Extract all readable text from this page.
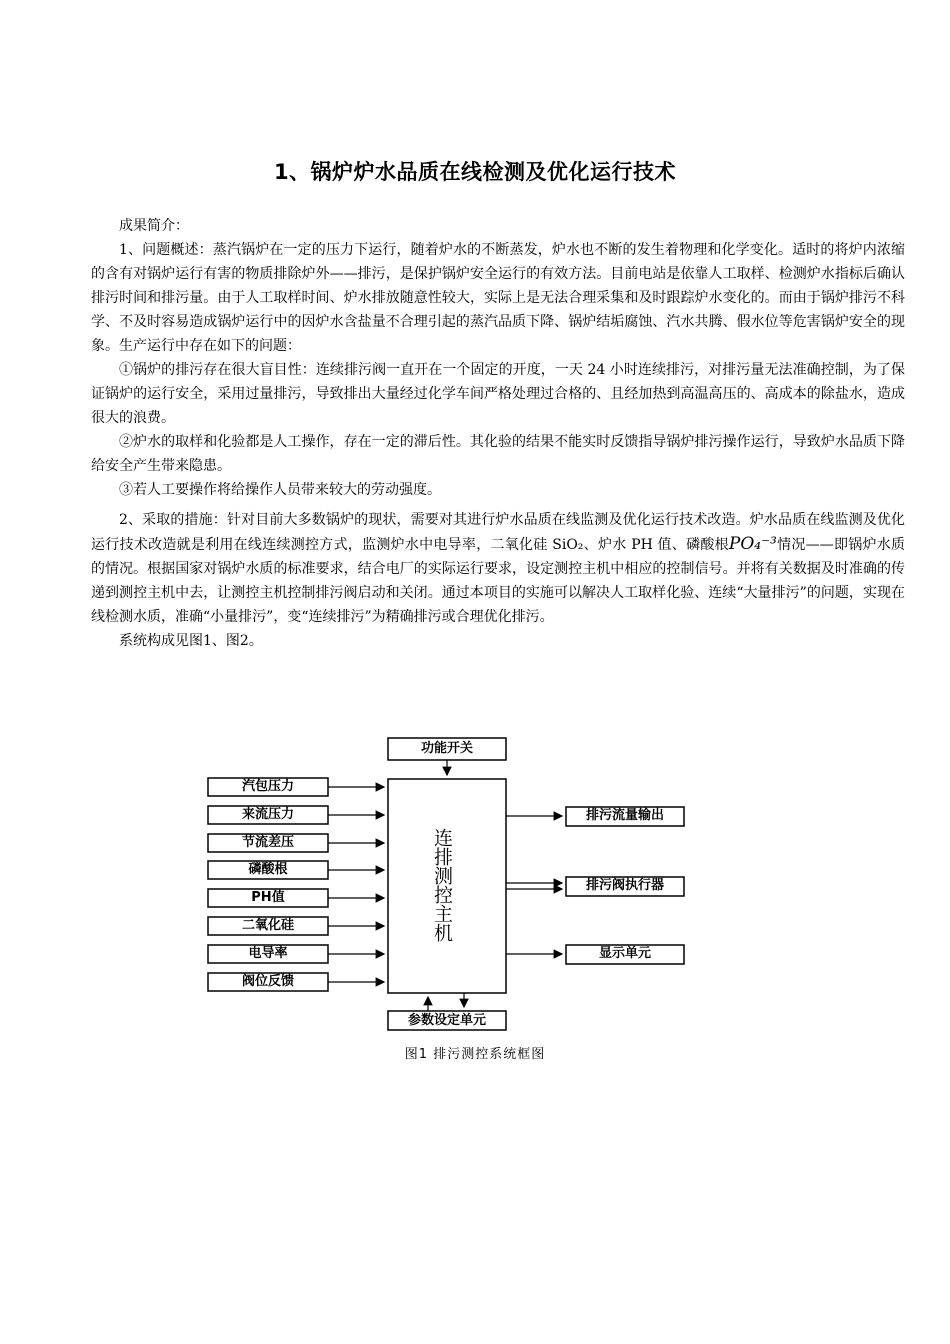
1、锅炉炉水品质在线检测及优化运行技术

成果简介：

1、问题概述：蒸汽锅炉在一定的压力下运行，随着炉水的不断蒸发，炉水也不断的发生着物理和化学变化。适时的将炉内浓缩的含有对锅炉运行有害的物质排除炉外——排污，是保护锅炉安全运行的有效方法。目前电站是依靠人工取样、检测炉水指标后确认排污时间和排污量。由于人工取样时间、炉水排放随意性较大，实际上是无法合理采集和及时跟踪炉水变化的。而由于锅炉排污不科学、不及时容易造成锅炉运行中的因炉水含盐量不合理引起的蒸汽品质下降、锅炉结垢腐蚀、汽水共腾、假水位等危害锅炉安全的现象。生产运行中存在如下的问题：

①锅炉的排污存在很大盲目性：连续排污阀一直开在一个固定的开度，一天 24 小时连续排污，对排污量无法准确控制，为了保证锅炉的运行安全，采用过量排污，导致排出大量经过化学车间严格处理过合格的、且经加热到高温高压的、高成本的除盐水，造成很大的浪费。

②炉水的取样和化验都是人工操作，存在一定的滞后性。其化验的结果不能实时反馈指导锅炉排污操作运行，导致炉水品质下降给安全产生带来隐患。

③若人工要操作将给操作人员带来较大的劳动强度。

2、采取的措施：针对目前大多数锅炉的现状，需要对其进行炉水品质在线监测及优化运行技术改造。炉水品质在线监测及优化运行技术改造就是利用在线连续测控方式，监测炉水中电导率，二氧化硅 SiO₂、炉水 PH 值、磷酸根PO₄⁻³情况——即锅炉水质的情况。根据国家对锅炉水质的标准要求，结合电厂的实际运行要求，设定测控主机中相应的控制信号。并将有关数据及时准确的传递到测控主机中去，让测控主机控制排污阀启动和关闭。通过本项目的实施可以解决人工取样化验、连续“大量排污”的问题，实现在线检测水质，准确“小量排污”，变“连续排污”为精确排污或合理优化排污。

系统构成见图1、图2。

功能开关
汽包压力
来流压力
节流差压
磷酸根
PH值
二氧化硅
电导率
阀位反馈
连排测控主机
排污流量输出
排污阀执行器
显示单元
参数设定单元
图1 排污测控系统框图
